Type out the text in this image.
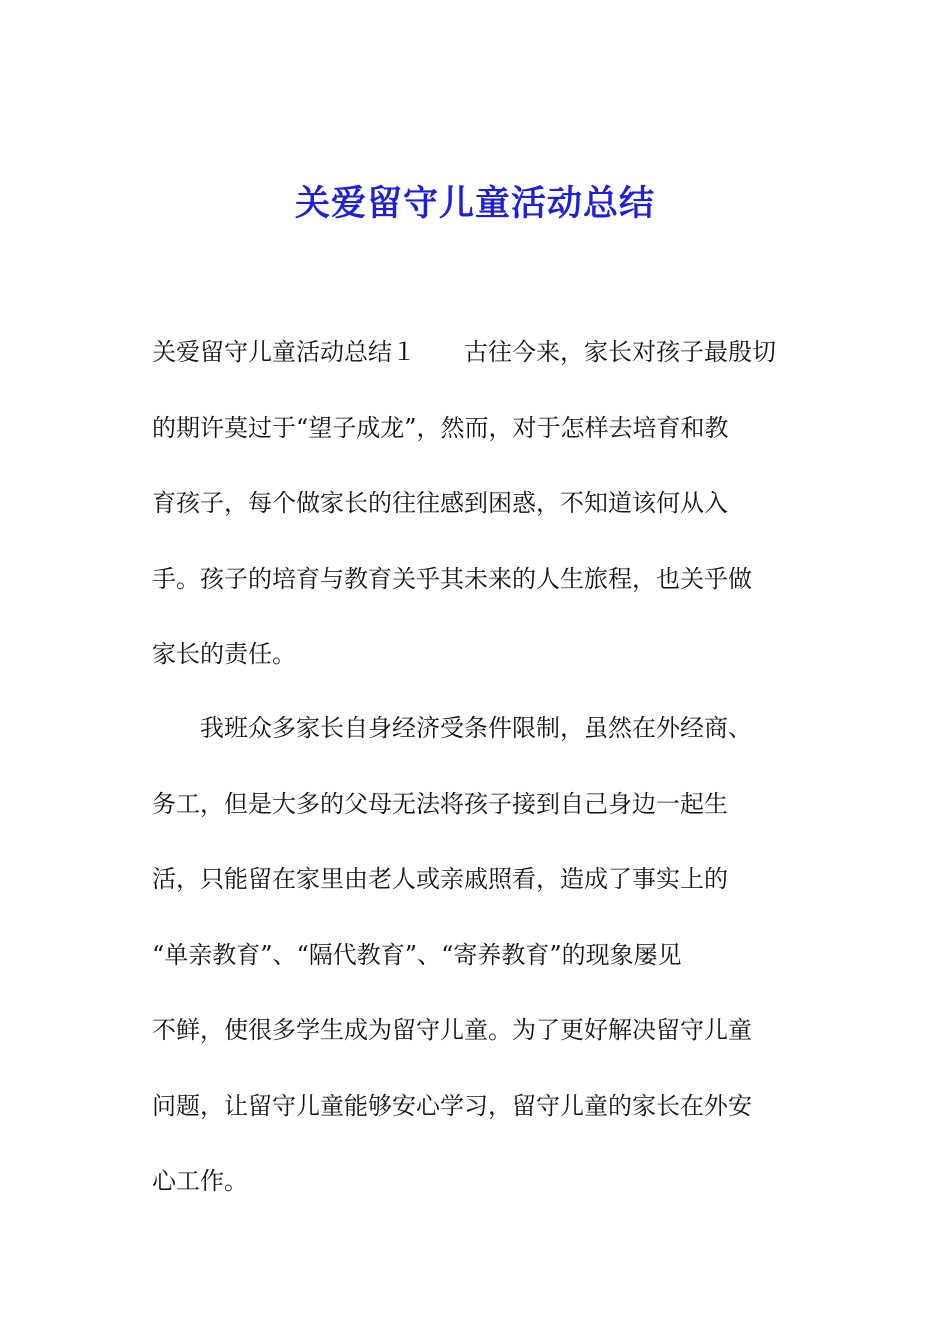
关爱留守儿童活动总结
关爱留守儿童活动总结１ 古往今来，家长对孩子最殷切
的期许莫过于“望子成龙”，然而，对于怎样去培育和教
育孩子，每个做家长的往往感到困惑，不知道该何从入
手。孩子的培育与教育关乎其未来的人生旅程，也关乎做
家长的责任。
我班众多家长自身经济受条件限制，虽然在外经商、
务工，但是大多的父母无法将孩子接到自己身边一起生
活，只能留在家里由老人或亲戚照看，造成了事实上的
“单亲教育”、“隔代教育”、“寄养教育”的现象屡见
不鲜，使很多学生成为留守儿童。为了更好解决留守儿童
问题，让留守儿童能够安心学习，留守儿童的家长在外安
心工作。
